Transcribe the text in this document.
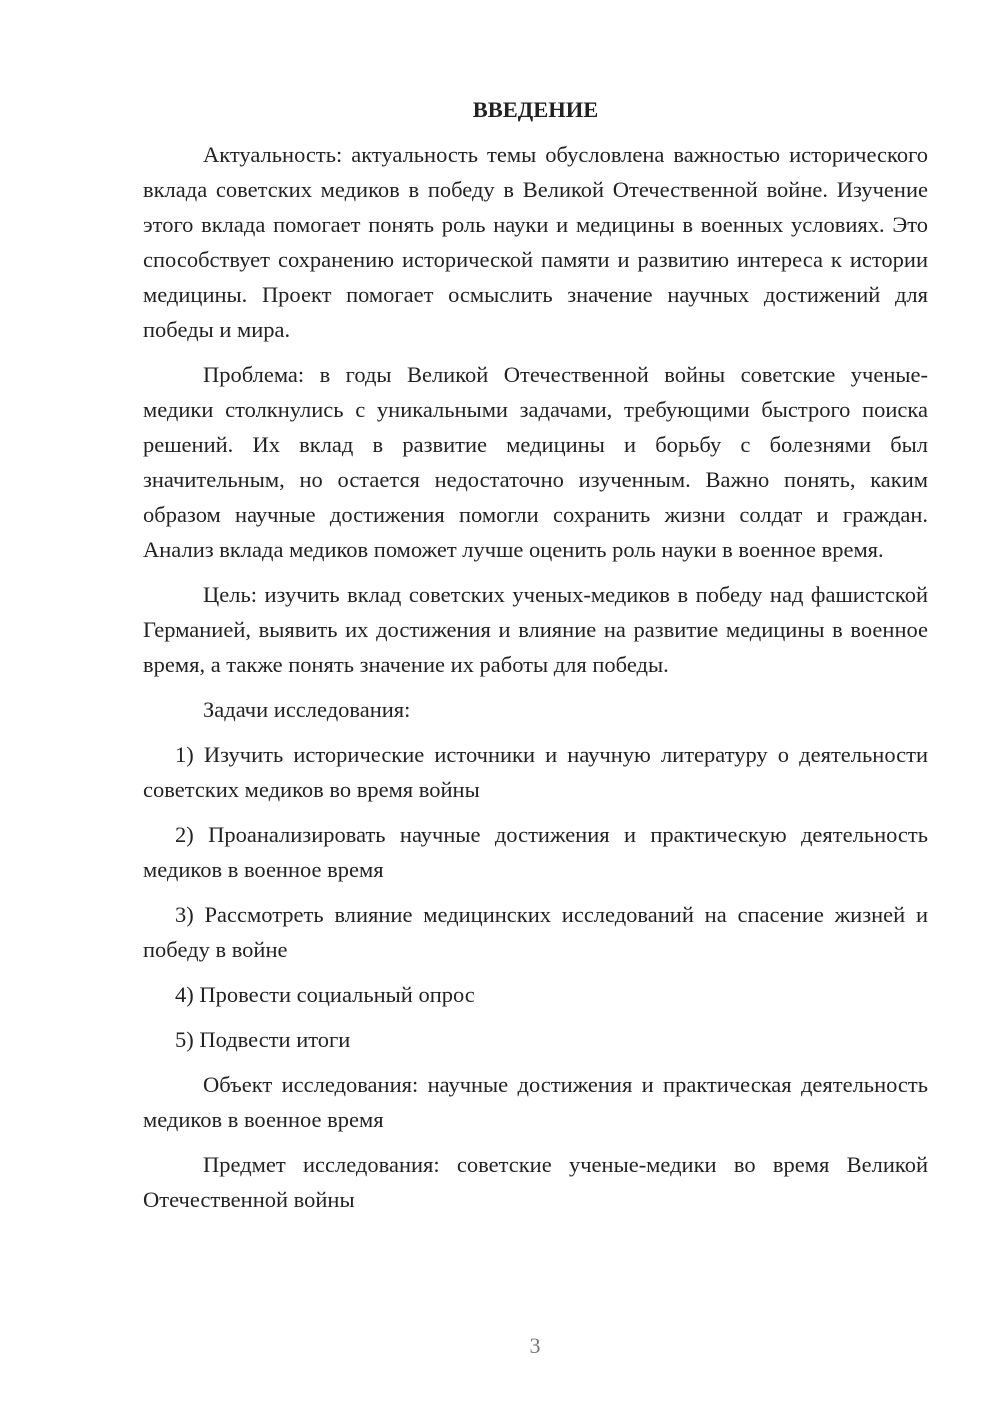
ВВЕДЕНИЕ

Актуальность: актуальность темы обусловлена важностью исторического вклада советских медиков в победу в Великой Отечественной войне. Изучение этого вклада помогает понять роль науки и медицины в военных условиях. Это способствует сохранению исторической памяти и развитию интереса к истории медицины. Проект помогает осмыслить значение научных достижений для победы и мира.

Проблема: в годы Великой Отечественной войны советские ученые-медики столкнулись с уникальными задачами, требующими быстрого поиска решений. Их вклад в развитие медицины и борьбу с болезнями был значительным, но остается недостаточно изученным. Важно понять, каким образом научные достижения помогли сохранить жизни солдат и граждан. Анализ вклада медиков поможет лучше оценить роль науки в военное время.

Цель: изучить вклад советских ученых-медиков в победу над фашистской Германией, выявить их достижения и влияние на развитие медицины в военное время, а также понять значение их работы для победы.

Задачи исследования:

1) Изучить исторические источники и научную литературу о деятельности советских медиков во время войны

2) Проанализировать научные достижения и практическую деятельность медиков в военное время

3) Рассмотреть влияние медицинских исследований на спасение жизней и победу в войне

4) Провести социальный опрос

5) Подвести итоги

Объект исследования: научные достижения и практическая деятельность медиков в военное время

Предмет исследования: советские ученые-медики во время Великой Отечественной войны

3
